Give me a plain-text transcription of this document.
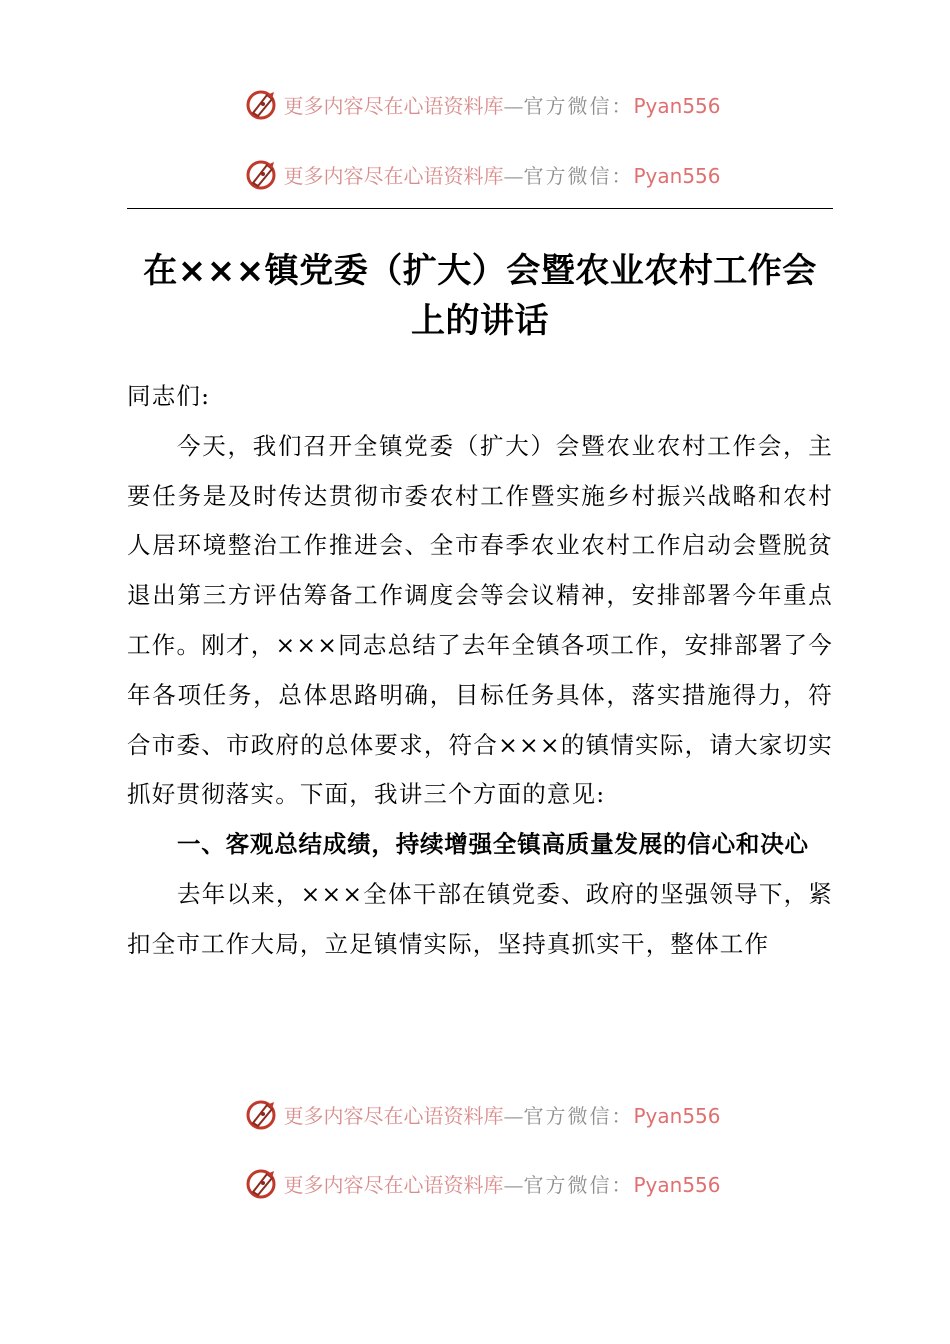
更多内容尽在心语资料库—官方微信：Pyan556
更多内容尽在心语资料库—官方微信：Pyan556
在×××镇党委（扩大）会暨农业农村工作会上的讲话

同志们:

今天，我们召开全镇党委（扩大）会暨农业农村工作会，主要任务是及时传达贯彻市委农村工作暨实施乡村振兴战略和农村人居环境整治工作推进会、全市春季农业农村工作启动会暨脱贫退出第三方评估筹备工作调度会等会议精神，安排部署今年重点工作。刚才，×××同志总结了去年全镇各项工作，安排部署了今年各项任务，总体思路明确，目标任务具体，落实措施得力，符合市委、市政府的总体要求，符合×××的镇情实际，请大家切实抓好贯彻落实。下面，我讲三个方面的意见:

一、客观总结成绩，持续增强全镇高质量发展的信心和决心

去年以来，×××全体干部在镇党委、政府的坚强领导下，紧扣全市工作大局，立足镇情实际，坚持真抓实干，整体工作

更多内容尽在心语资料库—官方微信：Pyan556
更多内容尽在心语资料库—官方微信：Pyan556
